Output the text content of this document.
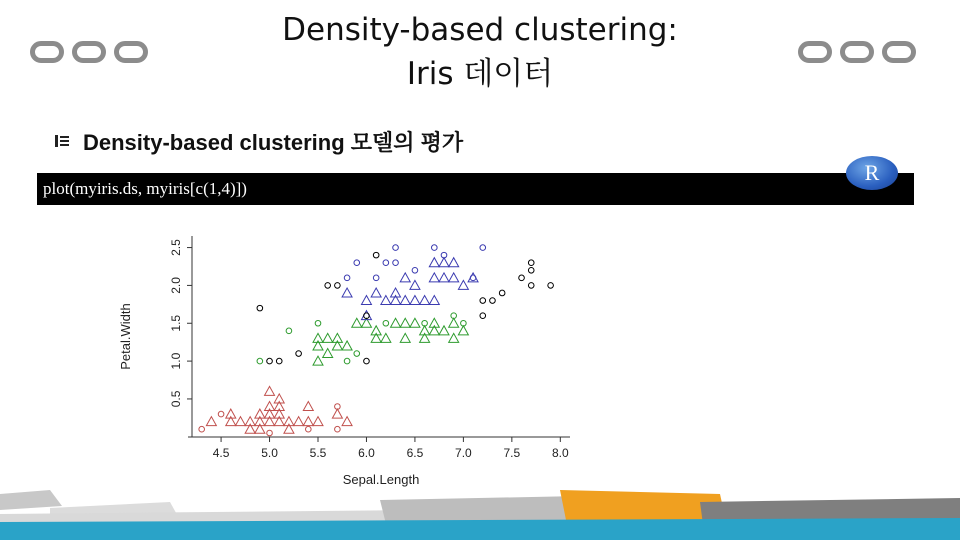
Density-based clustering:
Iris 데이터
Density-based clustering 모델의 평가
plot(myiris.ds, myiris[c(1,4)])
R
4.5	5.0	5.5	6.0	6.5	7.0	7.5	8.0
0.5
1.0
1.5
2.0
2.5
Sepal.Length
Petal.Width
